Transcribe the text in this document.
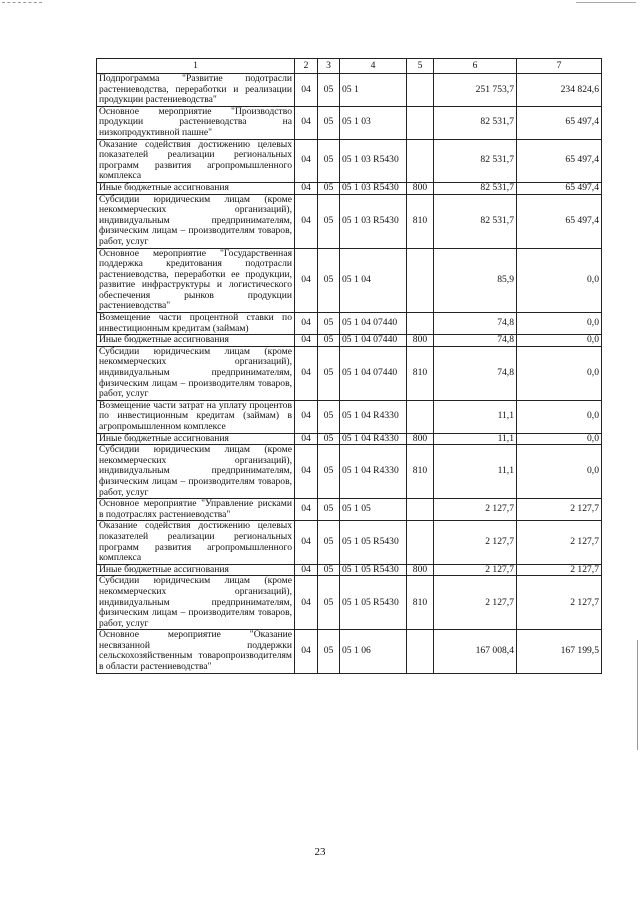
1	2	3	4	5	6	7
Подпрограмма "Развитие подотрасли растениеводства, переработки и реализации продукции растениеводства"	04	05	05 1		251 753,7	234 824,6
Основное мероприятие "Производство продукции растениеводства на низкопродуктивной пашне"	04	05	05 1 03		82 531,7	65 497,4
Оказание содействия достижению целевых показателей реализации региональных программ развития агропромышленного комплекса	04	05	05 1 03 R5430		82 531,7	65 497,4
Иные бюджетные ассигнования	04	05	05 1 03 R5430	800	82 531,7	65 497,4
Субсидии юридическим лицам (кроме некоммерческих организаций), индивидуальным предпринимателям, физическим лицам – производителям товаров, работ, услуг	04	05	05 1 03 R5430	810	82 531,7	65 497,4
Основное мероприятие "Государственная поддержка кредитования подотрасли растениеводства, переработки ее продукции, развитие инфраструктуры и логистического обеспечения рынков продукции растениеводства"	04	05	05 1 04		85,9	0,0
Возмещение части процентной ставки по инвестиционным кредитам (займам)	04	05	05 1 04 07440		74,8	0,0
Иные бюджетные ассигнования	04	05	05 1 04 07440	800	74,8	0,0
Субсидии юридическим лицам (кроме некоммерческих организаций), индивидуальным предпринимателям, физическим лицам – производителям товаров, работ, услуг	04	05	05 1 04 07440	810	74,8	0,0
Возмещение части затрат на уплату процентов по инвестиционным кредитам (займам) в агропромышленном комплексе	04	05	05 1 04 R4330		11,1	0,0
Иные бюджетные ассигнования	04	05	05 1 04 R4330	800	11,1	0,0
Субсидии юридическим лицам (кроме некоммерческих организаций), индивидуальным предпринимателям, физическим лицам – производителям товаров, работ, услуг	04	05	05 1 04 R4330	810	11,1	0,0
Основное мероприятие "Управление рисками в подотраслях растениеводства"	04	05	05 1 05		2 127,7	2 127,7
Оказание содействия достижению целевых показателей реализации региональных программ развития агропромышленного комплекса	04	05	05 1 05 R5430		2 127,7	2 127,7
Иные бюджетные ассигнования	04	05	05 1 05 R5430	800	2 127,7	2 127,7
Субсидии юридическим лицам (кроме некоммерческих организаций), индивидуальным предпринимателям, физическим лицам – производителям товаров, работ, услуг	04	05	05 1 05 R5430	810	2 127,7	2 127,7
Основное мероприятие "Оказание несвязанной поддержки сельскохозяйственным товаропроизводителям в области растениеводства"	04	05	05 1 06		167 008,4	167 199,5
23
